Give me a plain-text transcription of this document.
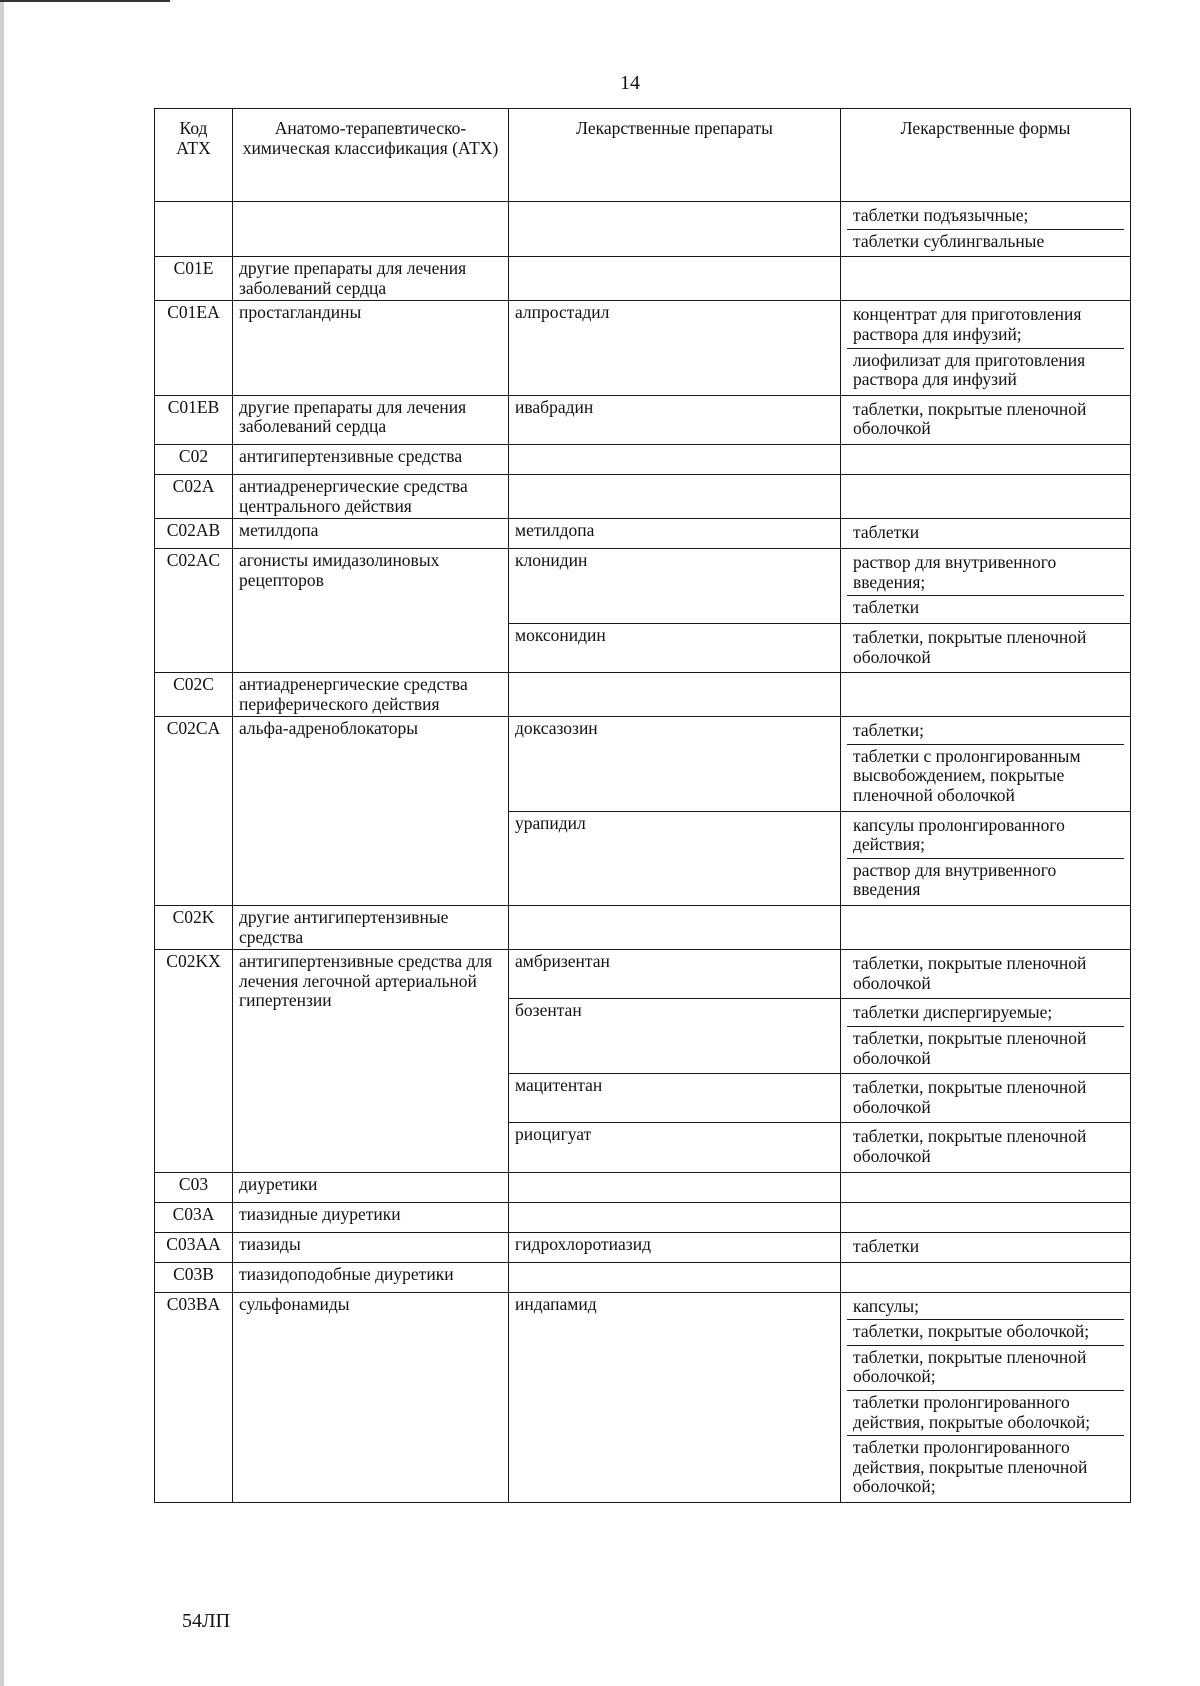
14
Код АТХ	Анатомо-терапевтическо-химическая классификация (АТХ)	Лекарственные препараты	Лекарственные формы

			таблетки подъязычные;
таблетки сублингвальные

C01E	другие препараты для лечения заболеваний сердца		

C01EA	простагландины	алпростадил	концентрат для приготовления раствора для инфузий;
лиофилизат для приготовления раствора для инфузий

C01EB	другие препараты для лечения заболеваний сердца	ивабрадин	таблетки, покрытые пленочной оболочкой

C02	антигипертензивные средства		

C02A	антиадренергические средства центрального действия		

C02AB	метилдопа	метилдопа	таблетки

C02AC	агонисты имидазолиновых рецепторов	клонидин	раствор для внутривенного введения;
таблетки

		моксонидин	таблетки, покрытые пленочной оболочкой

C02C	антиадренергические средства периферического действия		

C02CA	альфа-адреноблокаторы	доксазозин	таблетки;
таблетки с пролонгированным высвобождением, покрытые пленочной оболочкой

		урапидил	капсулы пролонгированного действия;
раствор для внутривенного введения

C02K	другие антигипертензивные средства		

C02KX	антигипертензивные средства для лечения легочной артериальной гипертензии	амбризентан	таблетки, покрытые пленочной оболочкой

		бозентан	таблетки диспергируемые;
таблетки, покрытые пленочной оболочкой

		мацитентан	таблетки, покрытые пленочной оболочкой

		риоцигуат	таблетки, покрытые пленочной оболочкой

C03	диуретики		

C03A	тиазидные диуретики		

C03AA	тиазиды	гидрохлоротиазид	таблетки

C03B	тиазидоподобные диуретики		

C03BA	сульфонамиды	индапамид	капсулы;
таблетки, покрытые оболочкой;
таблетки, покрытые пленочной оболочкой;
таблетки пролонгированного действия, покрытые оболочкой;
таблетки пролонгированного действия, покрытые пленочной оболочкой;
54ЛП
